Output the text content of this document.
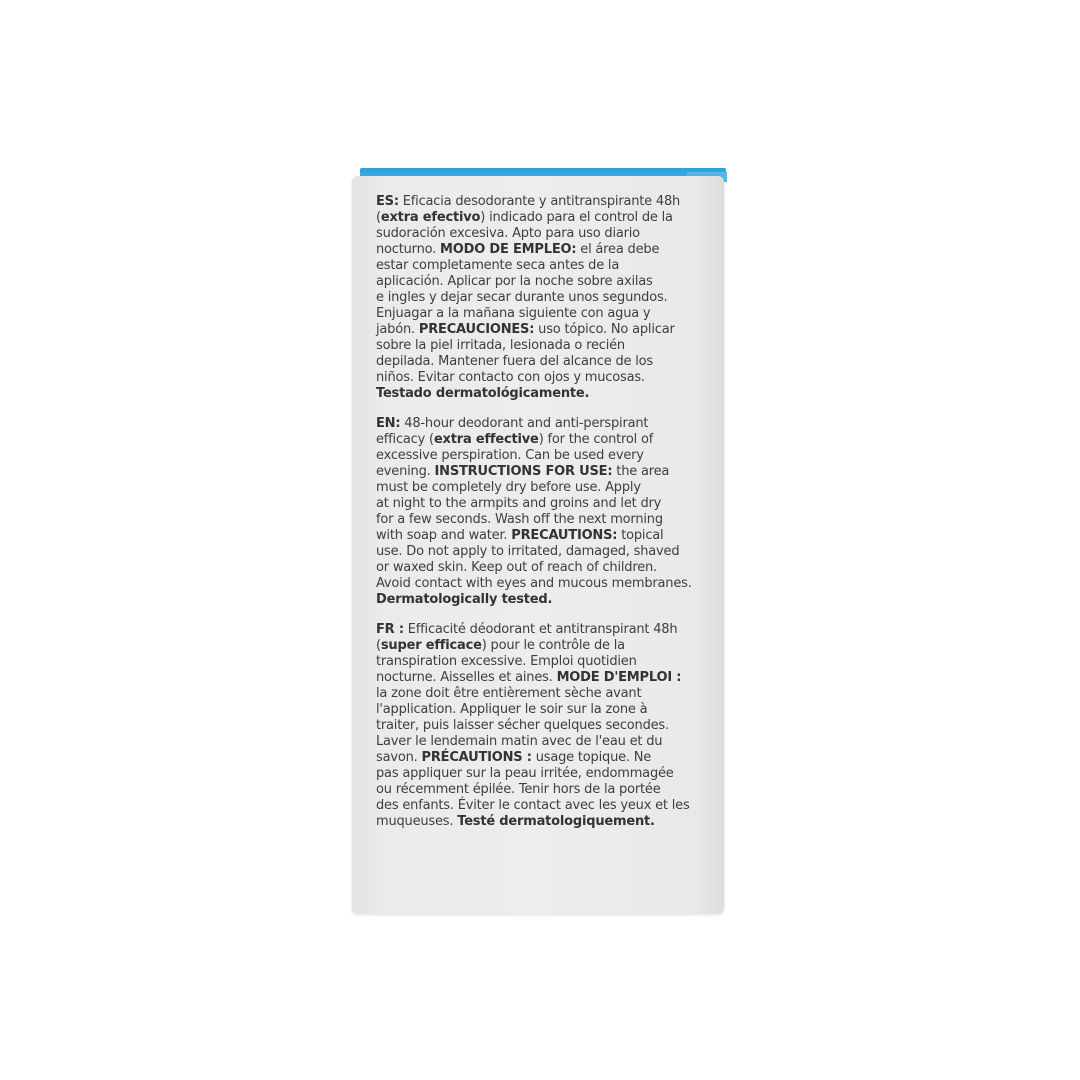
ES: Eficacia desodorante y antitranspirante 48h
(extra efectivo) indicado para el control de la
sudoración excesiva. Apto para uso diario
nocturno. MODO DE EMPLEO: el área debe
estar completamente seca antes de la
aplicación. Aplicar por la noche sobre axilas
e ingles y dejar secar durante unos segundos.
Enjuagar a la mañana siguiente con agua y
jabón. PRECAUCIONES: uso tópico. No aplicar
sobre la piel irritada, lesionada o recién
depilada. Mantener fuera del alcance de los
niños. Evitar contacto con ojos y mucosas.
Testado dermatológicamente.
EN: 48-hour deodorant and anti-perspirant
efficacy (extra effective) for the control of
excessive perspiration. Can be used every
evening. INSTRUCTIONS FOR USE: the area
must be completely dry before use. Apply
at night to the armpits and groins and let dry
for a few seconds. Wash off the next morning
with soap and water. PRECAUTIONS: topical
use. Do not apply to irritated, damaged, shaved
or waxed skin. Keep out of reach of children.
Avoid contact with eyes and mucous membranes.
Dermatologically tested.
FR : Efficacité déodorant et antitranspirant 48h
(super efficace) pour le contrôle de la
transpiration excessive. Emploi quotidien
nocturne. Aisselles et aines. MODE D'EMPLOI :
la zone doit être entièrement sèche avant
l'application. Appliquer le soir sur la zone à
traiter, puis laisser sécher quelques secondes.
Laver le lendemain matin avec de l'eau et du
savon. PRÉCAUTIONS : usage topique. Ne
pas appliquer sur la peau irritée, endommagée
ou récemment épilée. Tenir hors de la portée
des enfants. Éviter le contact avec les yeux et les
muqueuses. Testé dermatologiquement.
